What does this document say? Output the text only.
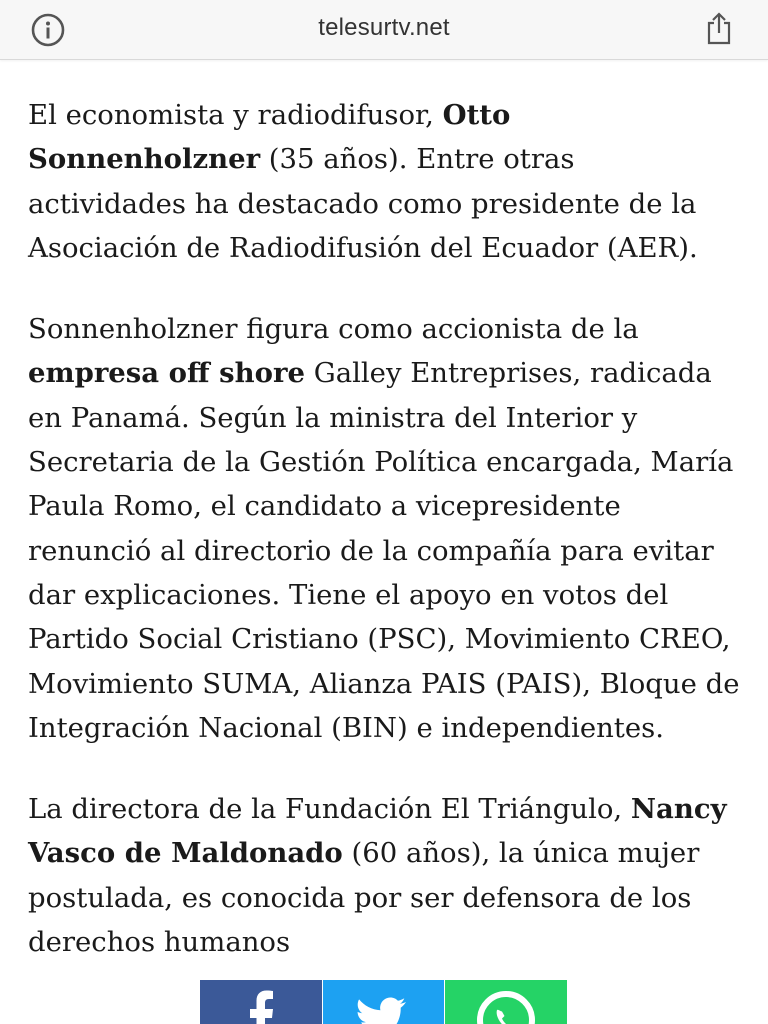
telesurtv.net

El economista y radiodifusor, Otto Sonnenholzner (35 años). Entre otras actividades ha destacado como presidente de la Asociación de Radiodifusión del Ecuador (AER).

Sonnenholzner figura como accionista de la empresa off shore Galley Entreprises, radicada en Panamá. Según la ministra del Interior y Secretaria de la Gestión Política encargada, María Paula Romo, el candidato a vicepresidente renunció al directorio de la compañía para evitar dar explicaciones. Tiene el apoyo en votos del Partido Social Cristiano (PSC), Movimiento CREO, Movimiento SUMA, Alianza PAIS (PAIS), Bloque de Integración Nacional (BIN) e independientes.

La directora de la Fundación El Triángulo, Nancy Vasco de Maldonado (60 años), la única mujer postulada, es conocida por ser defensora de los derechos humanos
